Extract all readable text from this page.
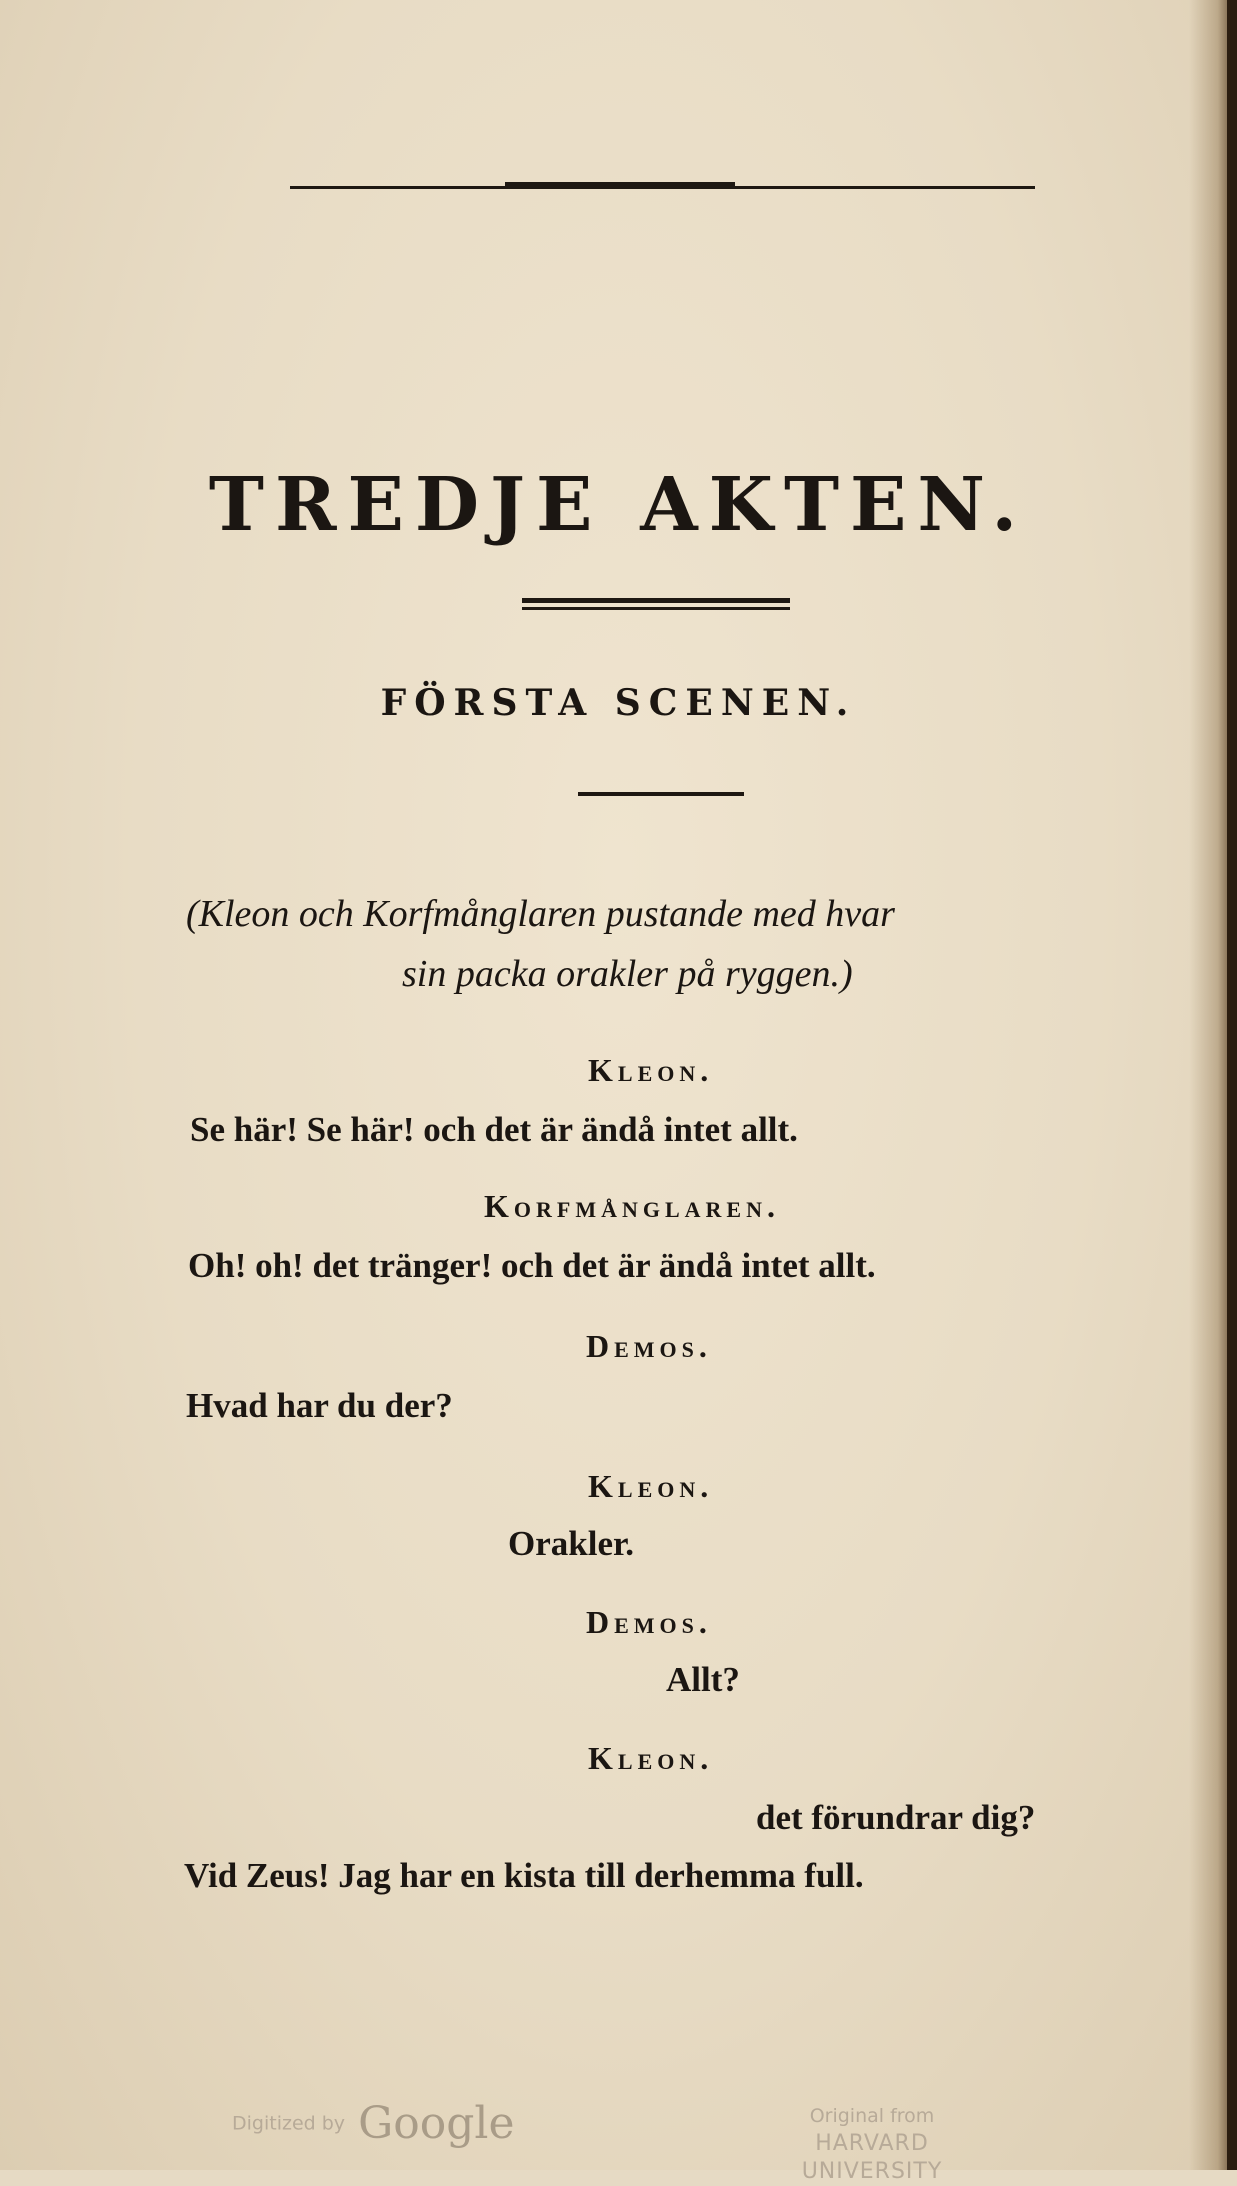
TREDJE AKTEN.
FÖRSTA SCENEN.
(Kleon och Korfmånglaren pustande med hvar
sin packa orakler på ryggen.)
Kleon.
Se här! Se här! och det är ändå intet allt.
Korfmånglaren.
Oh! oh! det tränger! och det är ändå intet allt.
Demos.
Hvad har du der?
Kleon.
Orakler.
Demos.
Allt?
Kleon.
det förundrar dig?
Vid Zeus! Jag har en kista till derhemma full.
Digitized by Google	Original from
HARVARD UNIVERSITY
